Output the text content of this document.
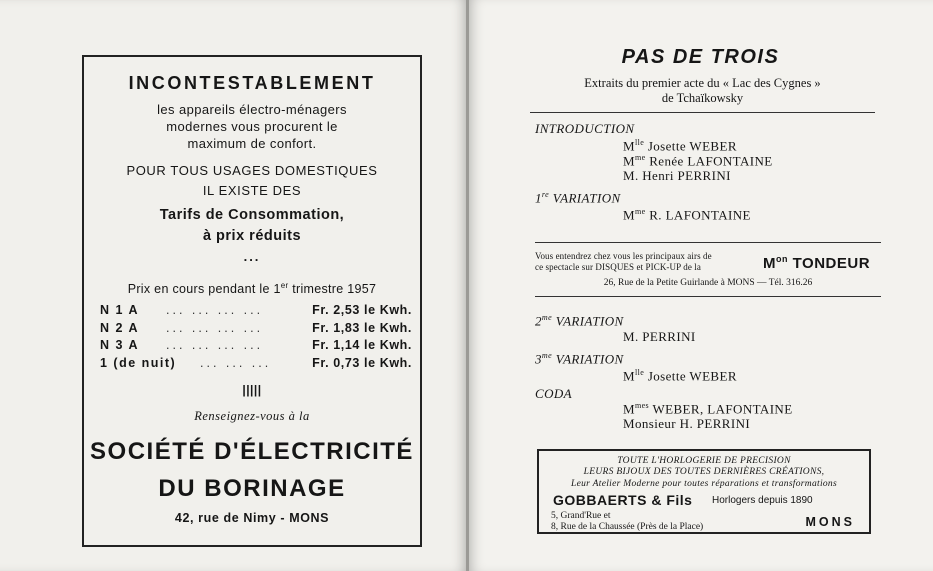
INCONTESTABLEMENT
les appareils électro-ménagers
modernes vous procurent le
maximum de confort.
POUR TOUS USAGES DOMESTIQUES
IL EXISTE DES
Tarifs de Consommation,
à prix réduits
...
Prix en cours pendant le 1er trimestre 1957
N 1 A ... ... ... ...	Fr. 2,53 le Kwh.
N 2 A ... ... ... ...	Fr. 1,83 le Kwh.
N 3 A ... ... ... ...	Fr. 1,14 le Kwh.
1 (de nuit) ... ... ...	Fr. 0,73 le Kwh.
|||||
Renseignez-vous à la
SOCIÉTÉ D'ÉLECTRICITÉ
DU BORINAGE
42, rue de Nimy - MONS
PAS DE TROIS
Extraits du premier acte du « Lac des Cygnes »
de Tchaïkowsky
INTRODUCTION
$M^{lle}$ Josette WEBER
$M^{me}$ Renée LAFONTAINE
M. Henri PERRINI
1re VARIATION
$M^{me}$ R. LAFONTAINE
Vous entendrez chez vous les principaux airs de
ce spectacle sur DISQUES et PICK-UP de la	$M^{on}$ TONDEUR
26, Rue de la Petite Guirlande à MONS — Tél. 316.26
$2^{me}$ VARIATION
M. PERRINI
$3^{me}$ VARIATION
$M^{lle}$ Josette WEBER
CODA
$M^{mes}$ WEBER, LAFONTAINE
Monsieur H. PERRINI
TOUTE L'HORLOGERIE DE PRECISION
LEURS BIJOUX DES TOUTES DERNIÈRES CRÉATIONS,
Leur Atelier Moderne pour toutes réparations et transformations
GOBBAERTS & Fils Horlogers depuis 1890
5, Grand'Rue et
8, Rue de la Chaussée (Près de la Place)	MONS
